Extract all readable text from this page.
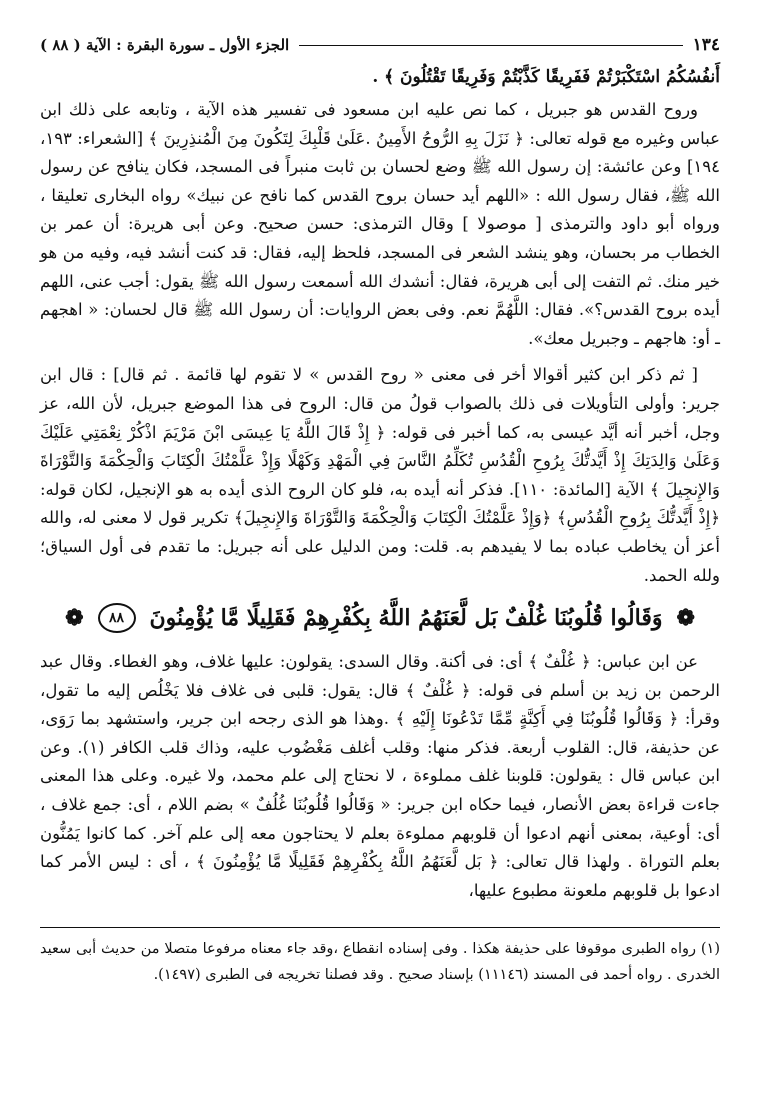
١٣٤
الجزء الأول ـ سورة البقرة : الآية ( ٨٨ )
أَنفُسُكُمُ اسْتَكْبَرْتُمْ فَفَرِيقًا كَذَّبْتُمْ وَفَرِيقًا تَقْتُلُونَ ﴾ .

وروح القدس هو جبريل ، كما نص عليه ابن مسعود فى تفسير هذه الآية ، وتابعه على ذلك ابن عباس وغيره مع قوله تعالى: ﴿ نَزَلَ بِهِ الرُّوحُ الأَمِينُ .عَلَىٰ قَلْبِكَ لِتَكُونَ مِنَ الْمُنذِرِينَ ﴾ [الشعراء: ١٩٣، ١٩٤] وعن عائشة: إن رسول الله ﷺ وضع لحسان بن ثابت منبراً فى المسجد، فكان ينافح عن رسول الله ﷺ، فقال رسول الله : «اللهم أيد حسان بروح القدس كما نافح عن نبيك» رواه البخارى تعليقا ، ورواه أبو داود والترمذى [ موصولا ] وقال الترمذى: حسن صحيح. وعن أبى هريرة: أن عمر بن الخطاب مر بحسان، وهو ينشد الشعر فى المسجد، فلحظ إليه، فقال: قد كنت أنشد فيه، وفيه من هو خير منك. ثم التفت إلى أبى هريرة، فقال: أنشدك الله أسمعت رسول الله ﷺ يقول: أجب عنى، اللهم أيده بروح القدس؟». فقال: اللَّهُمَّ نعم. وفى بعض الروايات: أن رسول الله ﷺ قال لحسان: « اهجهم ـ أو: هاجهم ـ وجبريل معك».

[ ثم ذكر ابن كثير أقوالا أخر فى معنى « روح القدس » لا تقوم لها قائمة . ثم قال] : قال ابن جرير: وأولى التأويلات فى ذلك بالصواب قولُ من قال: الروح فى هذا الموضع جبريل، لأن الله، عز وجل، أخبر أنه أيَّد عيسى به، كما أخبر فى قوله: ﴿ إِذْ قَالَ اللَّهُ يَا عِيسَى ابْنَ مَرْيَمَ اذْكُرْ نِعْمَتِي عَلَيْكَ وَعَلَىٰ وَالِدَتِكَ إِذْ أَيَّدتُّكَ بِرُوحِ الْقُدُسِ تُكَلِّمُ النَّاسَ فِي الْمَهْدِ وَكَهْلًا وَإِذْ عَلَّمْتُكَ الْكِتَابَ وَالْحِكْمَةَ وَالتَّوْرَاةَ وَالإِنجِيلَ ﴾ الآية [المائدة: ١١٠]. فذكر أنه أيده به، فلو كان الروح الذى أيده به هو الإنجيل، لكان قوله: ﴿إِذْ أَيَّدتُّكَ بِرُوحِ الْقُدُسِ﴾ ﴿وَإِذْ عَلَّمْتُكَ الْكِتَابَ وَالْحِكْمَةَ وَالتَّوْرَاةَ وَالإِنجِيلَ﴾ تكرير قول لا معنى له، والله أعز أن يخاطب عباده بما لا يفيدهم به. قلت: ومن الدليل على أنه جبريل: ما تقدم فى أول السياق؛ ولله الحمد.

❁
وَقَالُوا قُلُوبُنَا غُلْفٌ بَل لَّعَنَهُمُ اللَّهُ بِكُفْرِهِمْ فَقَلِيلًا مَّا يُؤْمِنُونَ
٨٨
❁

عن ابن عباس: ﴿ غُلْفٌ ﴾ أى: فى أكنة. وقال السدى: يقولون: عليها غلاف، وهو الغطاء. وقال عبد الرحمن بن زيد بن أسلم فى قوله: ﴿ غُلْفٌ ﴾ قال: يقول: قلبى فى غلاف فلا يَخْلُص إليه ما تقول، وقرأ: ﴿ وَقَالُوا قُلُوبُنَا فِي أَكِنَّةٍ مِّمَّا تَدْعُونَا إِلَيْهِ ﴾ .وهذا هو الذى رجحه ابن جرير، واستشهد بما رَوَى، عن حذيفة، قال: القلوب أربعة. فذكر منها: وقلب أغلف مَغْضُوب عليه، وذاك قلب الكافر (١). وعن ابن عباس قال : يقولون: قلوبنا غلف مملوءة ، لا نحتاج إلى علم محمد، ولا غيره. وعلى هذا المعنى جاءت قراءة بعض الأنصار، فيما حكاه ابن جرير: « وَقَالُوا قُلُوبُنَا غُلُفٌ » بضم اللام ، أى: جمع غلاف ، أى: أوعية، بمعنى أنهم ادعوا أن قلوبهم مملوءة بعلم لا يحتاجون معه إلى علم آخر. كما كانوا يَمُنُّون بعلم التوراة . ولهذا قال تعالى: ﴿ بَل لَّعَنَهُمُ اللَّهُ بِكُفْرِهِمْ فَقَلِيلًا مَّا يُؤْمِنُونَ ﴾ ، أى : ليس الأمر كما ادعوا بل قلوبهم ملعونة مطبوع عليها،

(١) رواه الطبرى موقوفا على حذيفة هكذا . وفى إسناده انقطاع ،وقد جاء معناه مرفوعا متصلا من حديث أبى سعيد الخدرى . رواه أحمد فى المسند (١١١٤٦) بإسناد صحيح . وقد فصلنا تخريجه فى الطبرى (١٤٩٧).
